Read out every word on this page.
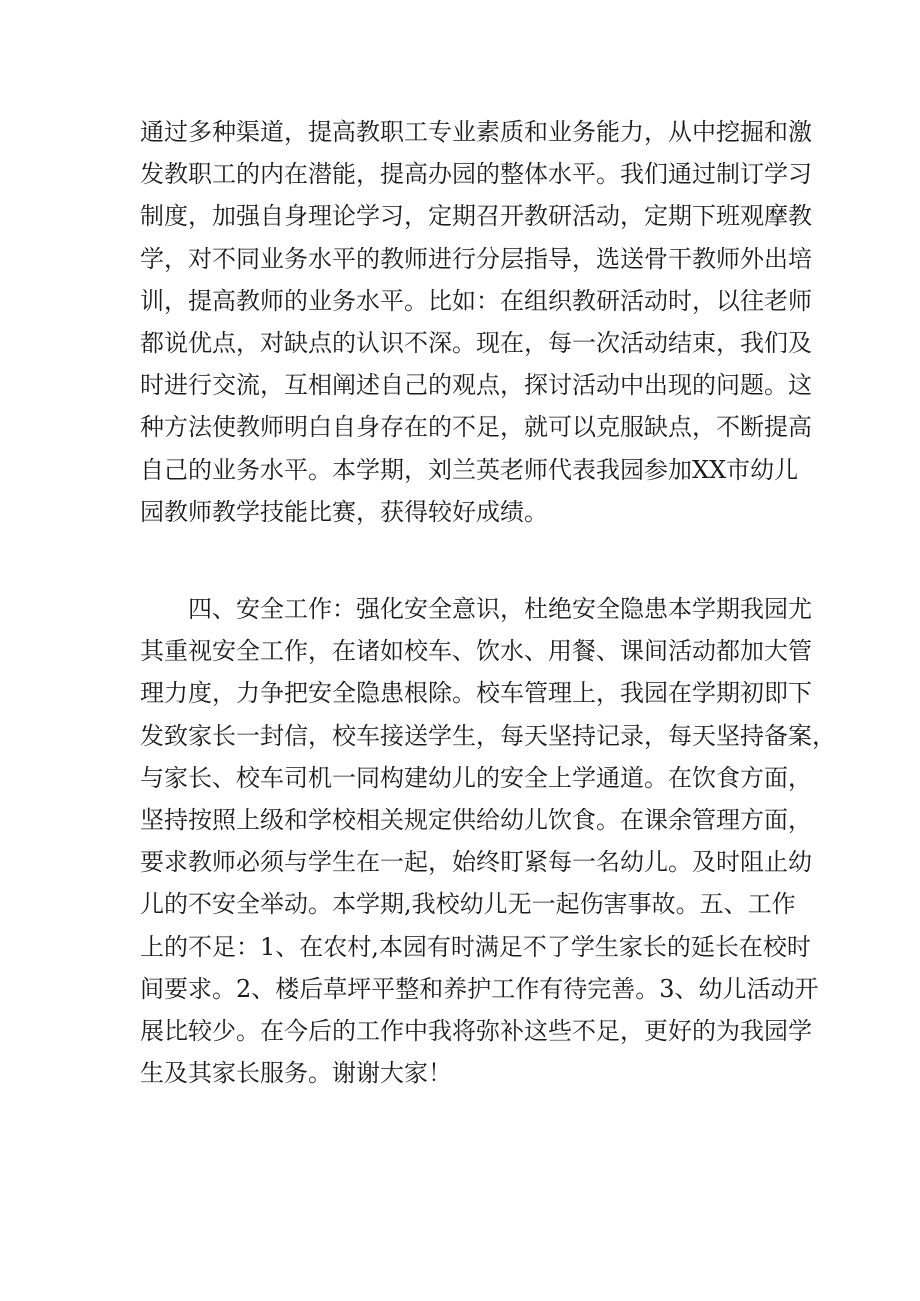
通过多种渠道，提高教职工专业素质和业务能力，从中挖掘和激
发教职工的内在潜能，提高办园的整体水平。我们通过制订学习
制度，加强自身理论学习，定期召开教研活动，定期下班观摩教
学，对不同业务水平的教师进行分层指导，选送骨干教师外出培
训，提高教师的业务水平。比如：在组织教研活动时，以往老师
都说优点，对缺点的认识不深。现在，每一次活动结束，我们及
时进行交流，互相阐述自己的观点，探讨活动中出现的问题。这
种方法使教师明白自身存在的不足，就可以克服缺点，不断提高
自己的业务水平。本学期，刘兰英老师代表我园参加XX市幼儿
园教师教学技能比赛，获得较好成绩。
　　四、安全工作：强化安全意识，杜绝安全隐患本学期我园尤
其重视安全工作，在诸如校车、饮水、用餐、课间活动都加大管
理力度，力争把安全隐患根除。校车管理上，我园在学期初即下
发致家长一封信，校车接送学生，每天坚持记录，每天坚持备案，
与家长、校车司机一同构建幼儿的安全上学通道。在饮食方面，
坚持按照上级和学校相关规定供给幼儿饮食。在课余管理方面，
要求教师必须与学生在一起，始终盯紧每一名幼儿。及时阻止幼
儿的不安全举动。本学期,我校幼儿无一起伤害事故。五、工作
上的不足：1、在农村,本园有时满足不了学生家长的延长在校时
间要求。2、楼后草坪平整和养护工作有待完善。3、幼儿活动开
展比较少。在今后的工作中我将弥补这些不足，更好的为我园学
生及其家长服务。谢谢大家！
